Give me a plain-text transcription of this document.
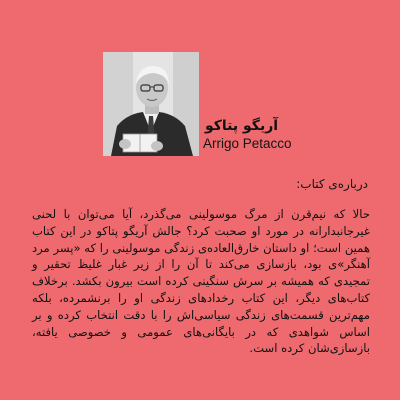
آریگو پتاکو
Arrigo Petacco
درباره‌ی کتاب:

حالا که نیم‌قرن از مرگ موسولینی می‌گذرد، آیا می‌توان با لحنی غیرجانبدارانه در مورد او صحبت کرد؟ جالش آریگو پتاکو در این کتاب همین است؛ او داستان خارق‌العاده‌ی زندگی موسولینی را که «پسر مرد آهنگر»ی بود، بازسازی می‌کند تا آن را از زیر غبار غلیظ تحقیر و تمجیدی که همیشه بر سرش سنگینی کرده است بیرون بکشد. برخلاف کتاب‌های دیگر، این کتاب رخدادهای زندگی او را برنشمرده، بلکه مهم‌ترین قسمت‌های زندگی سیاسی‌اش را با دقت انتخاب کرده و بر اساس شواهدی که در بایگانی‌های عمومی و خصوصی یافته، بازسازی‌شان کرده است.
